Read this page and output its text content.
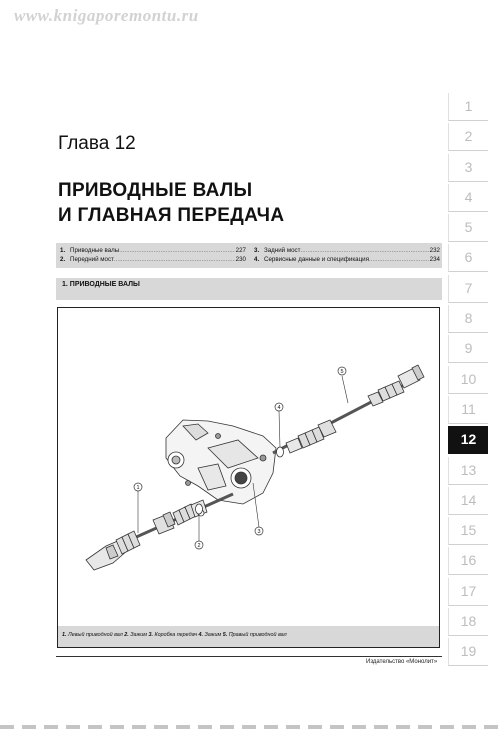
www.knigaporemontu.ru
Глава 12
ПРИВОДНЫЕ ВАЛЫ
И ГЛАВНАЯ ПЕРЕДАЧА
1. Приводные валы .....	227
2. Передний мост .....	230
3. Задний мост .....	232
4. Сервисные данные и спецификация .....	234
1. ПРИВОДНЫЕ ВАЛЫ
1
2
3
4
5
1. Левый приводной вал 2. Зажим 3. Коробка передач 4. Зажим 5. Правый приводной вал
Издательство «Монолит»
1
2
3
4
5
6
7
8
9
10
11
12
13
14
15
16
17
18
19
